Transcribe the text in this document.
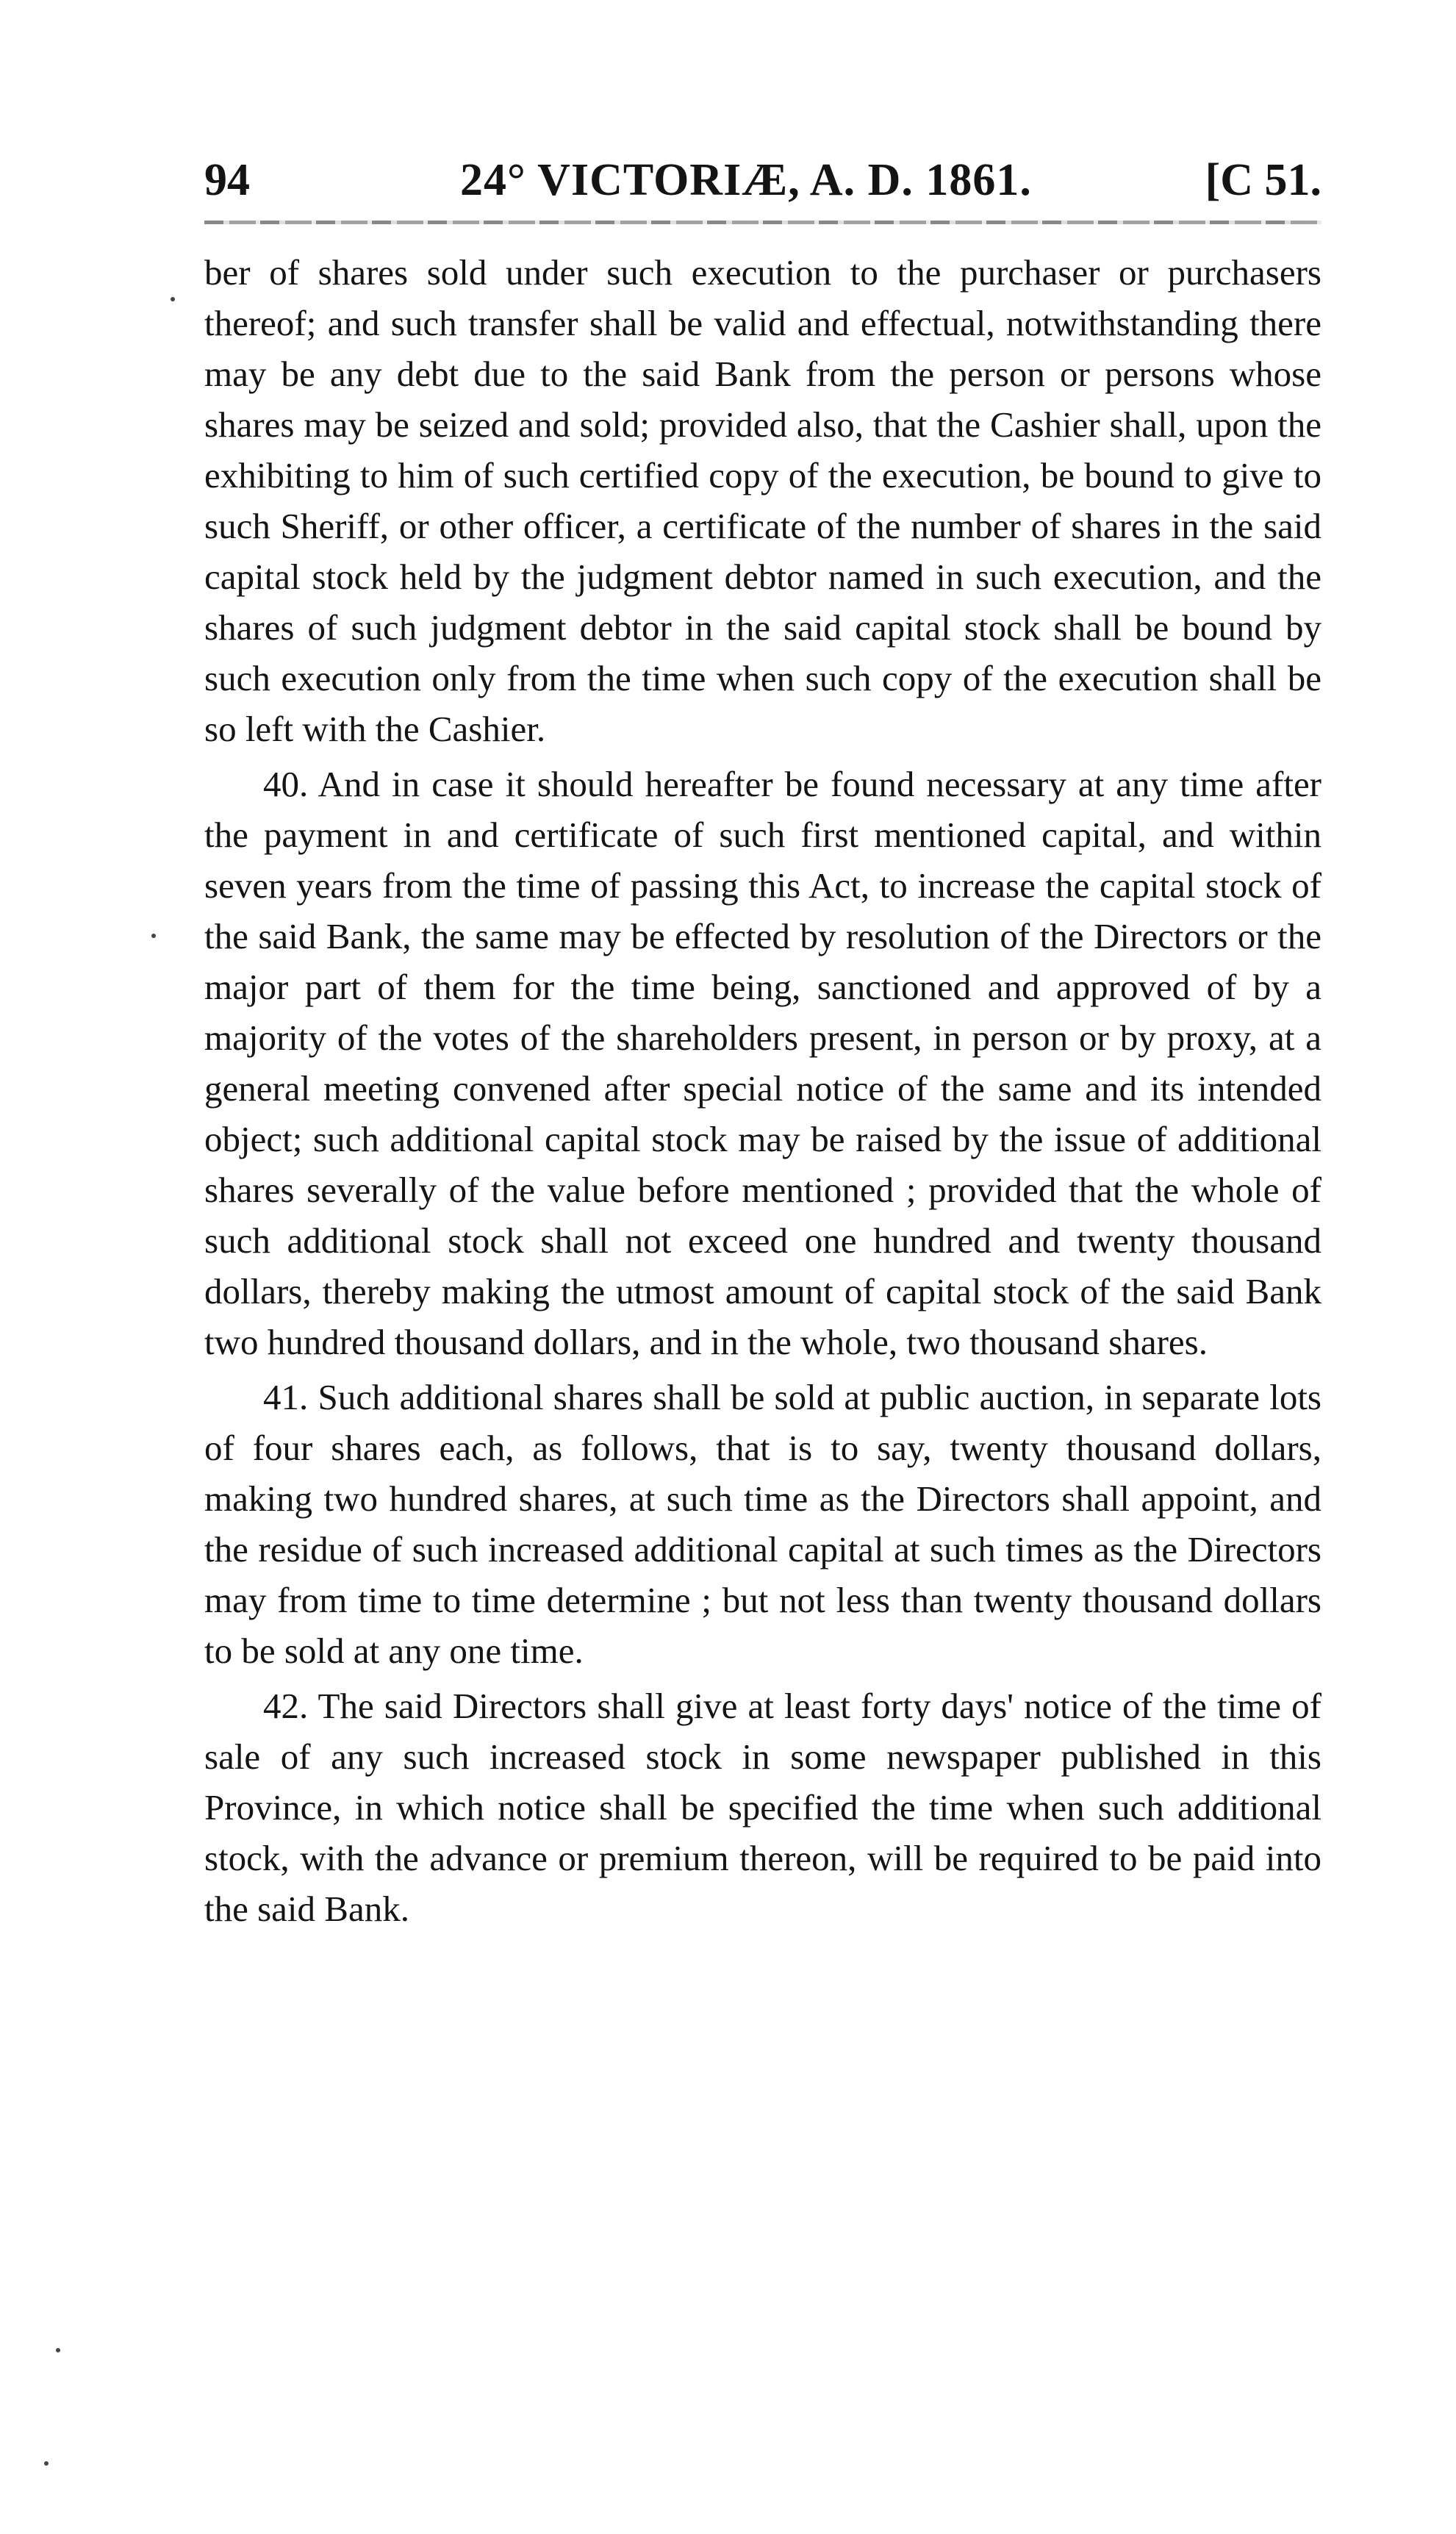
94	24° VICTORIÆ, A. D. 1861.	[C 51.

ber of shares sold under such execution to the purchaser or purchasers thereof; and such transfer shall be valid and effectual, notwithstanding there may be any debt due to the said Bank from the person or persons whose shares may be seized and sold; provided also, that the Cashier shall, upon the exhibiting to him of such certified copy of the execution, be bound to give to such Sheriff, or other officer, a certificate of the number of shares in the said capital stock held by the judgment debtor named in such execution, and the shares of such judgment debtor in the said capital stock shall be bound by such execution only from the time when such copy of the execution shall be so left with the Cashier.

40. And in case it should hereafter be found necessary at any time after the payment in and certificate of such first mentioned capital, and within seven years from the time of passing this Act, to increase the capital stock of the said Bank, the same may be effected by resolution of the Directors or the major part of them for the time being, sanctioned and approved of by a majority of the votes of the shareholders present, in person or by proxy, at a general meeting convened after special notice of the same and its intended object; such additional capital stock may be raised by the issue of additional shares severally of the value before mentioned ; provided that the whole of such additional stock shall not exceed one hundred and twenty thousand dollars, thereby making the utmost amount of capital stock of the said Bank two hundred thousand dollars, and in the whole, two thousand shares.

41. Such additional shares shall be sold at public auction, in separate lots of four shares each, as follows, that is to say, twenty thousand dollars, making two hundred shares, at such time as the Directors shall appoint, and the residue of such increased additional capital at such times as the Directors may from time to time determine ; but not less than twenty thousand dollars to be sold at any one time.

42. The said Directors shall give at least forty days' notice of the time of sale of any such increased stock in some newspaper published in this Province, in which notice shall be specified the time when such additional stock, with the advance or premium thereon, will be required to be paid into the said Bank.
